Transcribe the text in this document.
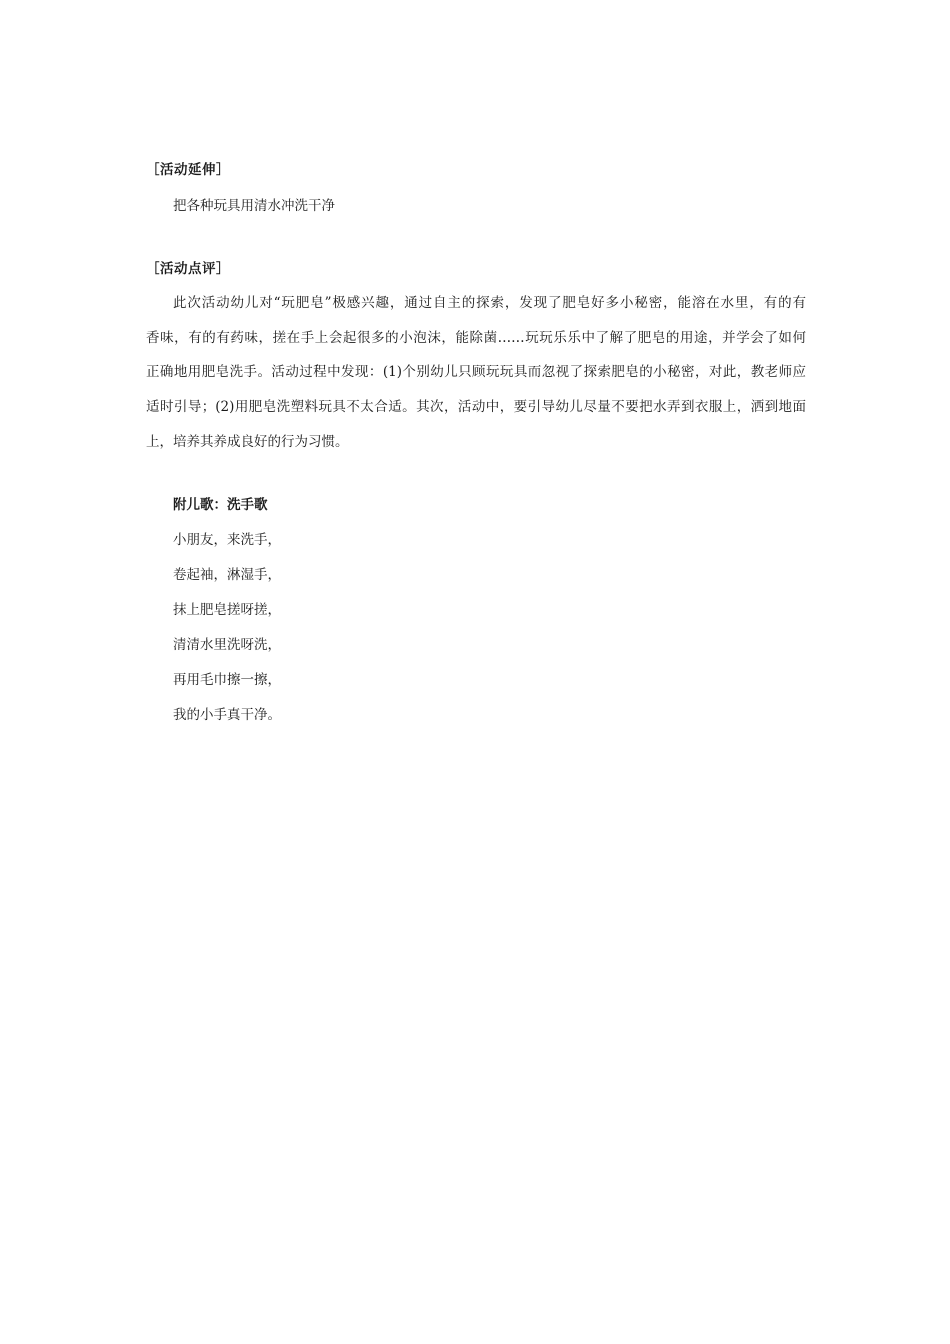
［活动延伸］
把各种玩具用清水冲洗干净
［活动点评］
此次活动幼儿对“玩肥皂”极感兴趣，通过自主的探索，发现了肥皂好多小秘密，能溶在水里，有的有
香味，有的有药味，搓在手上会起很多的小泡沫，能除菌……玩玩乐乐中了解了肥皂的用途，并学会了如何
正确地用肥皂洗手。活动过程中发现：(1)个别幼儿只顾玩玩具而忽视了探索肥皂的小秘密，对此，教老师应
适时引导；(2)用肥皂洗塑料玩具不太合适。其次，活动中，要引导幼儿尽量不要把水弄到衣服上，洒到地面
上，培养其养成良好的行为习惯。
附儿歌：洗手歌
小朋友，来洗手，
卷起袖，淋湿手，
抹上肥皂搓呀搓，
清清水里洗呀洗，
再用毛巾擦一擦，
我的小手真干净。
